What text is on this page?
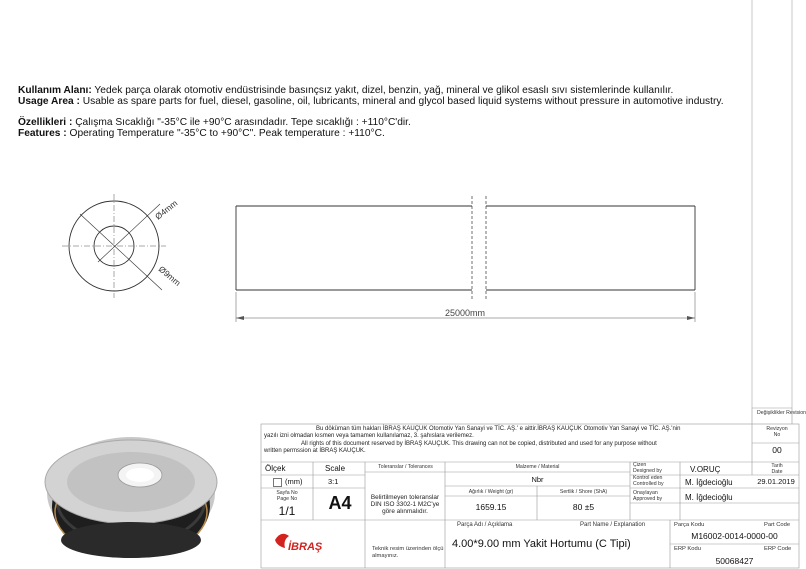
Kullanım Alanı: Yedek parça olarak otomotiv endüstrisinde basınçsız yakıt, dizel, benzin, yağ, mineral ve glikol esaslı sıvı sistemlerinde kullanılır.
Usage Area : Usable as spare parts for fuel, diesel, gasoline, oil, lubricants, mineral and glycol based liquid systems without pressure in automotive industry.
Özellikleri : Çalışma Sıcaklığı "-35°C ile +90°C arasındadır. Tepe sıcaklığı : +110°C'dir.
Features : Operating Temperature "-35°C to +90°C". Peak temperature : +110°C.
Ø4mm
Ø9mm
25000mm
İBRAŞ
Değişiklikler Revision
Revizyon
No
00
Tarih
Date
29.01.2019
Bu döküman tüm hakları İBRAŞ KAUÇUK Otomotiv Yan Sanayi ve TİC. AŞ.' e aittir.İBRAŞ KAUÇUK Otomotiv Yan Sanayi ve TİC. AŞ.'nin
yazılı izni olmadan kısmen veya tamamen kullanılamaz, 3. şahıslara verilemez.
All rights of this document reserved by İBRAŞ KAUÇUK. This drawing can not be copied, distributed and used for any purpose without
written permssion at İBRAŞ KAUÇUK.
Ölçek	Scale
(mm)	3:1
Sayfa No
Page No
1/1	A4
Toleranslar / Tolerances
Belirtilmeyen toleranslar
DIN ISO 3302-1 M2C'ye
göre alınmalıdır.
Malzeme / Material
Nbr
Ağırlık / Weight (gr)
1659.15
Sertlik / Shore (ShA)
80 ±5
Çizen
Designed by	V.ORUÇ
Kontrol eden
Controlled by	M. İğdecioğlu
Onaylayan
Approved by	M. İğdecioğlu
Teknik resim üzerinden ölçü
almayınız.
Parça Adı / Açıklama	Part Name / Explanation
4.00*9.00 mm Yakit Hortumu (C Tipi)
Parça Kodu	Part Code
M16002-0014-0000-00
ERP Kodu	ERP Code
50068427
